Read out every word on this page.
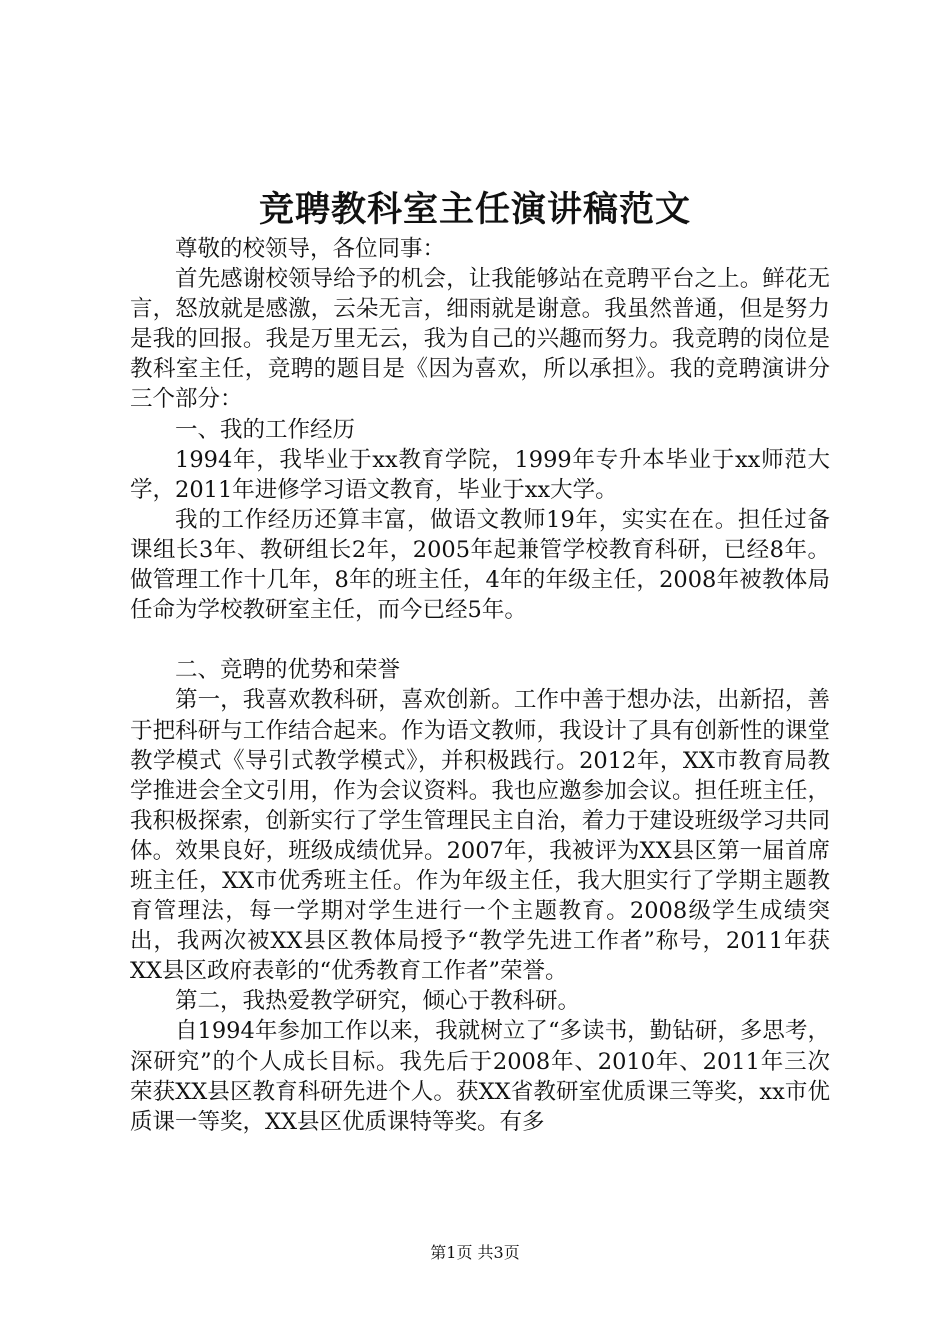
竞聘教科室主任演讲稿范文

尊敬的校领导，各位同事：

首先感谢校领导给予的机会，让我能够站在竞聘平台之上。鲜花无言，怒放就是感激，云朵无言，细雨就是谢意。我虽然普通，但是努力是我的回报。我是万里无云，我为自己的兴趣而努力。我竞聘的岗位是教科室主任，竞聘的题目是《因为喜欢，所以承担》。我的竞聘演讲分三个部分：

一、我的工作经历

1994年，我毕业于xx教育学院，1999年专升本毕业于xx师范大学，2011年进修学习语文教育，毕业于xx大学。

我的工作经历还算丰富，做语文教师19年，实实在在。担任过备课组长3年、教研组长2年，2005年起兼管学校教育科研，已经8年。做管理工作十几年，8年的班主任，4年的年级主任，2008年被教体局任命为学校教研室主任，而今已经5年。

二、竞聘的优势和荣誉

第一，我喜欢教科研，喜欢创新。工作中善于想办法，出新招，善于把科研与工作结合起来。作为语文教师，我设计了具有创新性的课堂教学模式《导引式教学模式》，并积极践行。2012年，XX市教育局教学推进会全文引用，作为会议资料。我也应邀参加会议。担任班主任，我积极探索，创新实行了学生管理民主自治，着力于建设班级学习共同体。效果良好，班级成绩优异。2007年，我被评为XX县区第一届首席班主任，XX市优秀班主任。作为年级主任，我大胆实行了学期主题教育管理法，每一学期对学生进行一个主题教育。2008级学生成绩突出，我两次被XX县区教体局授予“教学先进工作者”称号，2011年获XX县区政府表彰的“优秀教育工作者”荣誉。

第二，我热爱教学研究，倾心于教科研。

自1994年参加工作以来，我就树立了“多读书，勤钻研，多思考，深研究”的个人成长目标。我先后于2008年、2010年、2011年三次荣获XX县区教育科研先进个人。获XX省教研室优质课三等奖，xx市优质课一等奖，XX县区优质课特等奖。有多

第1页 共3页
